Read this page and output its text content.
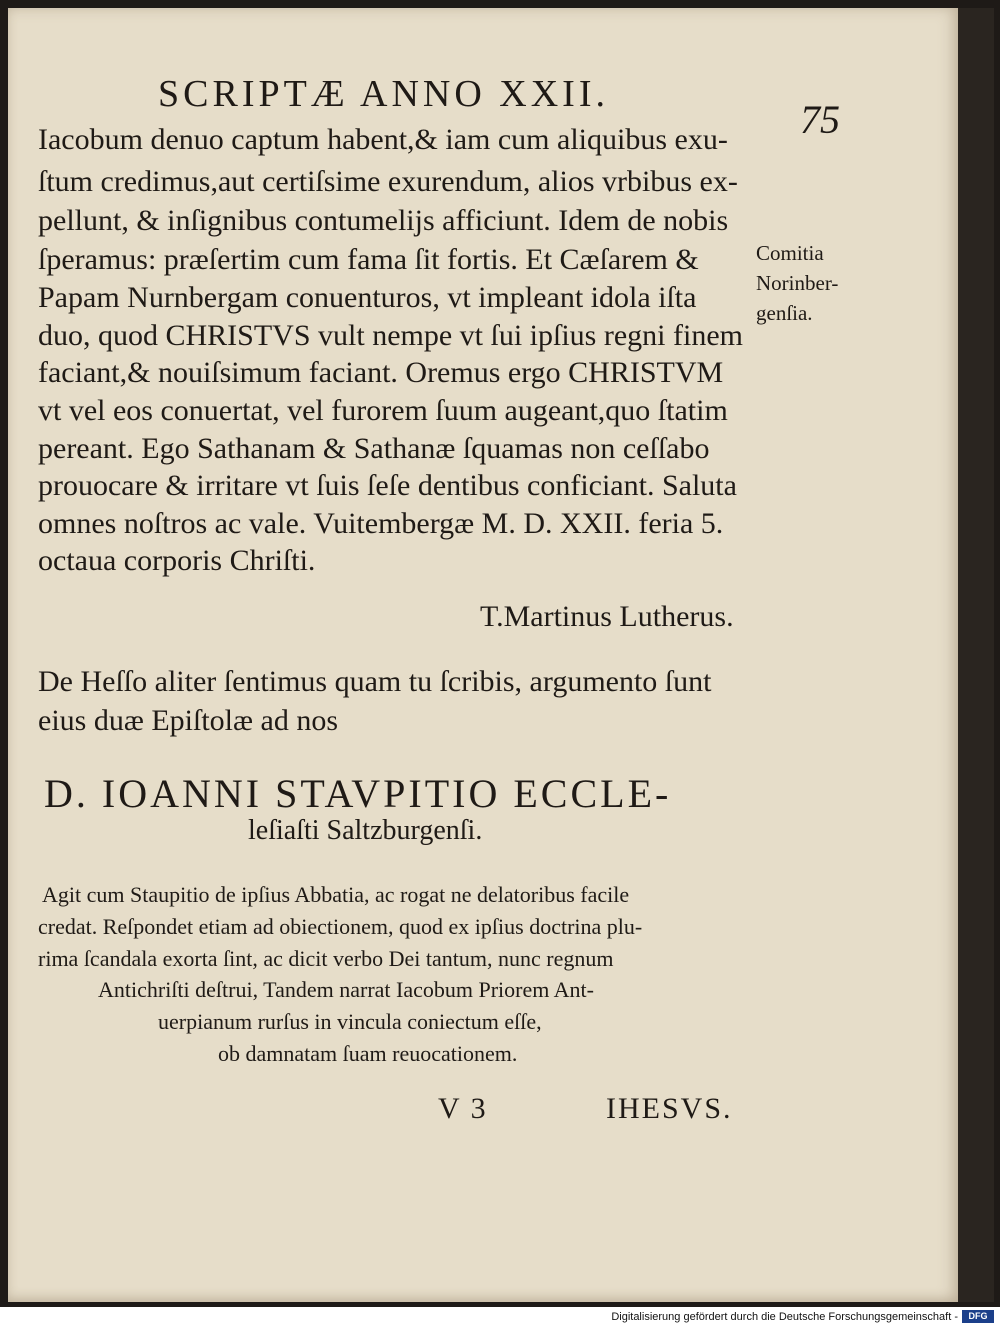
SCRIPTÆ ANNO XXII.
75
Iacobum denuo captum habent,& iam cum aliquibus exu-
ſtum credimus,aut certiſsime exurendum, alios vrbibus ex-
pellunt, & inſignibus contumelijs afficiunt. Idem de nobis
ſperamus: præſertim cum fama ſit fortis. Et Cæſarem &
Papam Nurnbergam conuenturos, vt impleant idola iſta
duo, quod CHRISTVS vult nempe vt ſui ipſius regni finem
faciant,& nouiſsimum faciant. Oremus ergo CHRISTVM
vt vel eos conuertat, vel furorem ſuum augeant,quo ſtatim
pereant. Ego Sathanam & Sathanæ ſquamas non ceſſabo
prouocare & irritare vt ſuis ſeſe dentibus conficiant. Saluta
omnes noſtros ac vale. Vuitembergæ M. D. XXII. feria 5.
octaua corporis Chriſti.
Comitia
Norinber-
genſia.
T.Martinus Lutherus.
De Heſſo aliter ſentimus quam tu ſcribis, argumento ſunt
eius duæ Epiſtolæ ad nos
D. IOANNI STAVPITIO ECCLE-
leſiaſti Saltzburgenſi.
Agit cum Staupitio de ipſius Abbatia, ac rogat ne delatoribus facile
credat. Reſpondet etiam ad obiectionem, quod ex ipſius doctrina plu-
rima ſcandala exorta ſint, ac dicit verbo Dei tantum, nunc regnum
Antichriſti deſtrui, Tandem narrat Iacobum Priorem Ant-
uerpianum rurſus in vincula coniectum eſſe,
ob damnatam ſuam reuocationem.
V 3	IHESVS.
Digitalisierung gefördert durch die Deutsche Forschungsgemeinschaft -	DFG
